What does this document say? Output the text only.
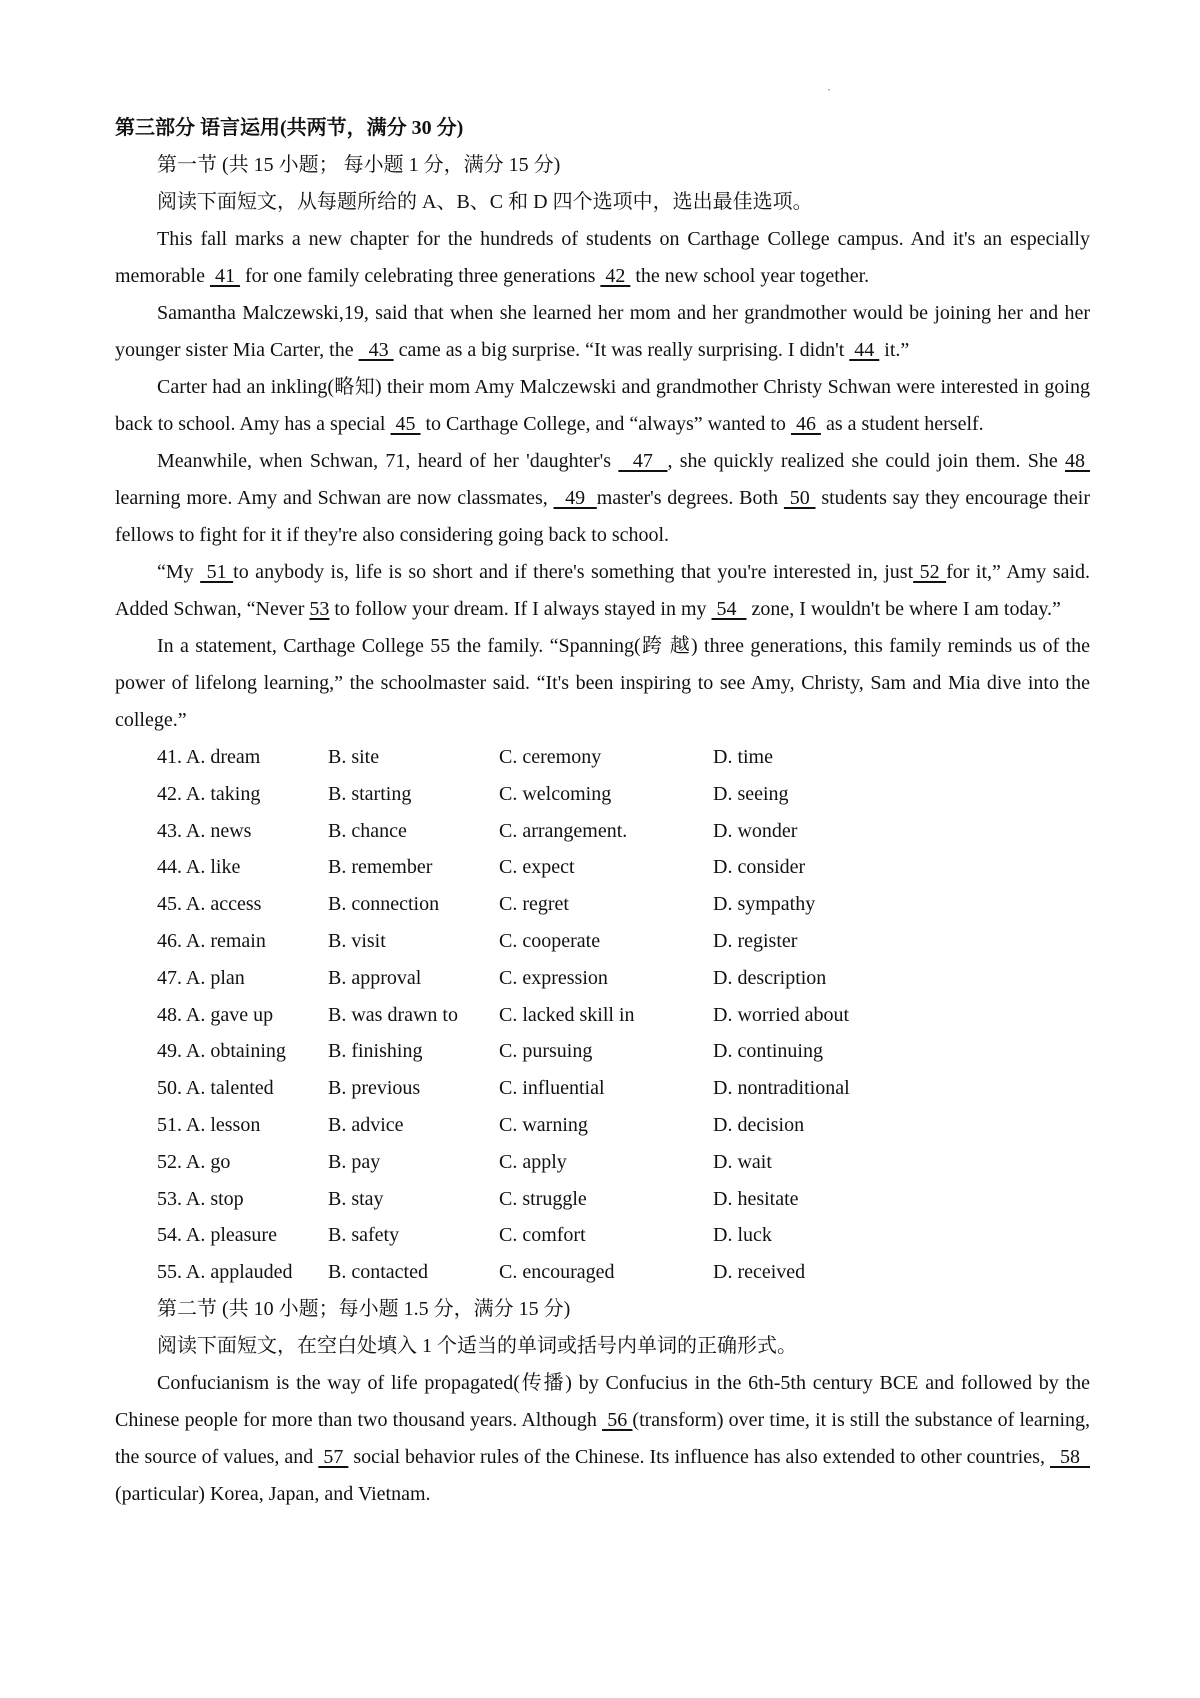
•
第三部分 语言运用(共两节，满分 30 分)
第一节 (共 15 小题； 每小题 1 分，满分 15 分)
阅读下面短文，从每题所给的 A、B、C 和 D 四个选项中，选出最佳选项。
This fall marks a new chapter for the hundreds of students on Carthage College campus. And it's an especially memorable  41  for one family celebrating three generations  42  the new school year together.
Samantha Malczewski,19, said that when she learned her mom and her grandmother would be joining her and her younger sister Mia Carter, the   43  came as a big surprise. “It was really surprising. I didn't  44  it.”
Carter had an inkling(略知) their mom Amy Malczewski and grandmother Christy Schwan were interested in going back to school. Amy has a special  45  to Carthage College, and “always” wanted to  46  as a student herself.
Meanwhile, when Schwan, 71, heard of her 'daughter's   47  , she quickly realized she could join them. She 48  learning more. Amy and Schwan are now classmates,   49  master's degrees. Both  50  students say they encourage their fellows to fight for it if they're also considering going back to school.
“My  51 to anybody is, life is so short and if there's something that you're interested in, just 52 for it,” Amy said. Added Schwan, “Never 53 to follow your dream. If I always stayed in my  54   zone, I wouldn't be where I am today.”
In a statement, Carthage College 55 the family. “Spanning(跨 越) three generations, this family reminds us of the power of lifelong learning,” the schoolmaster said. “It's been inspiring to see Amy, Christy, Sam and Mia dive into the college.”
41. A. dream	B. site	C. ceremony	D. time
42. A. taking	B. starting	C. welcoming	D. seeing
43. A. news	B. chance	C. arrangement.	D. wonder
44. A. like	B. remember	C. expect	D. consider
45. A. access	B. connection	C. regret	D. sympathy
46. A. remain	B. visit	C. cooperate	D. register
47. A. plan	B. approval	C. expression	D. description
48. A. gave up	B. was drawn to	C. lacked skill in	D. worried about
49. A. obtaining	B. finishing	C. pursuing	D. continuing
50. A. talented	B. previous	C. influential	D. nontraditional
51. A. lesson	B. advice	C. warning	D. decision
52. A. go	B. pay	C. apply	D. wait
53. A. stop	B. stay	C. struggle	D. hesitate
54. A. pleasure	B. safety	C. comfort	D. luck
55. A. applauded	B. contacted	C. encouraged	D. received
第二节 (共 10 小题；每小题 1.5 分，满分 15 分)
阅读下面短文，在空白处填入 1 个适当的单词或括号内单词的正确形式。
Confucianism is the way of life propagated(传播) by Confucius in the 6th-5th century BCE and followed by the Chinese people for more than two thousand years. Although  56 (transform) over time, it is still the substance of learning, the source of values, and  57  social behavior rules of the Chinese. Its influence has also extended to other countries,   58   (particular) Korea, Japan, and Vietnam.
